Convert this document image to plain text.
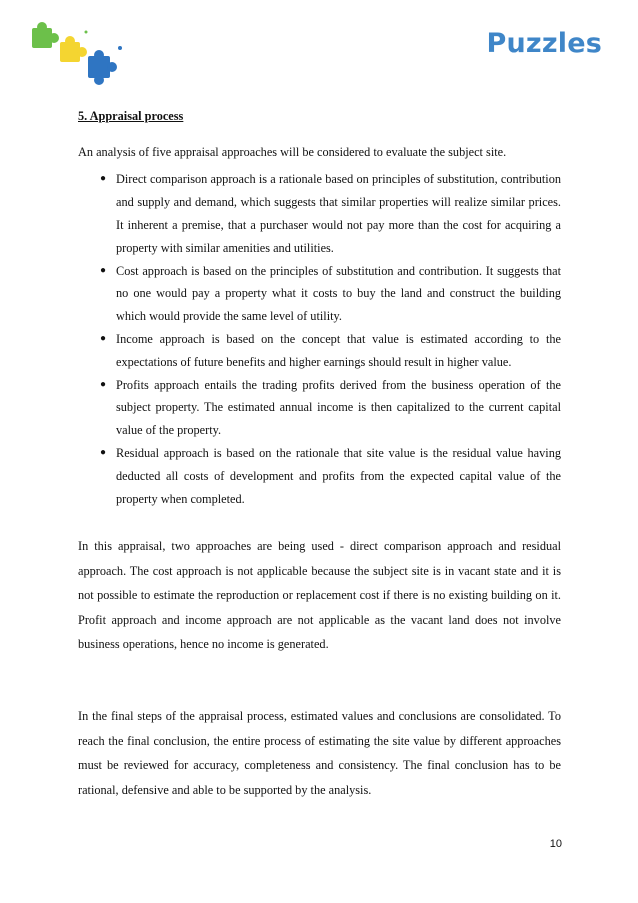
Puzzles

5. Appraisal process

An analysis of five appraisal approaches will be considered to evaluate the subject site.

● Direct comparison approach is a rationale based on principles of substitution, contribution and supply and demand, which suggests that similar properties will realize similar prices. It inherent a premise, that a purchaser would not pay more than the cost for acquiring a property with similar amenities and utilities.
● Cost approach is based on the principles of substitution and contribution. It suggests that no one would pay a property what it costs to buy the land and construct the building which would provide the same level of utility.
● Income approach is based on the concept that value is estimated according to the expectations of future benefits and higher earnings should result in higher value.
● Profits approach entails the trading profits derived from the business operation of the subject property. The estimated annual income is then capitalized to the current capital value of the property.
● Residual approach is based on the rationale that site value is the residual value having deducted all costs of development and profits from the expected capital value of the property when completed.

In this appraisal, two approaches are being used - direct comparison approach and residual approach. The cost approach is not applicable because the subject site is in vacant state and it is not possible to estimate the reproduction or replacement cost if there is no existing building on it. Profit approach and income approach are not applicable as the vacant land does not involve business operations, hence no income is generated.

In the final steps of the appraisal process, estimated values and conclusions are consolidated. To reach the final conclusion, the entire process of estimating the site value by different approaches must be reviewed for accuracy, completeness and consistency. The final conclusion has to be rational, defensive and able to be supported by the analysis.

10
